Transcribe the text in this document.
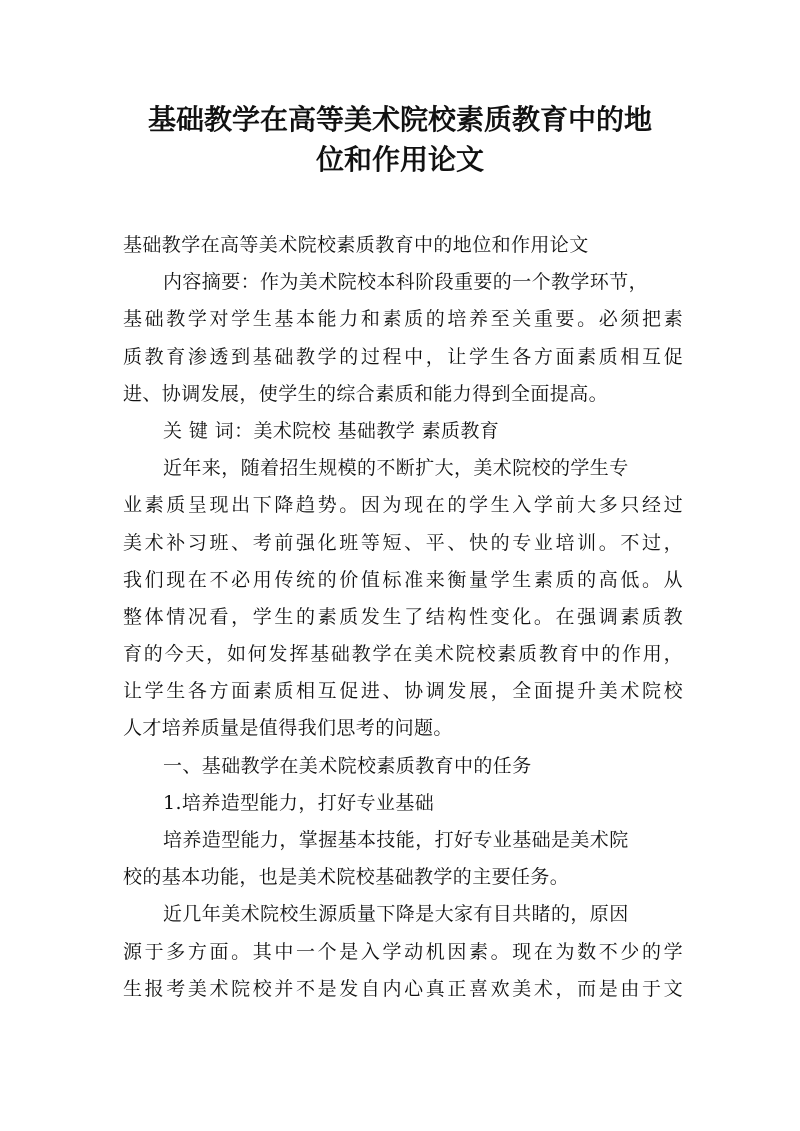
基础教学在高等美术院校素质教育中的地
位和作用论文
基础教学在高等美术院校素质教育中的地位和作用论文
内容摘要：作为美术院校本科阶段重要的一个教学环节，
基础教学对学生基本能力和素质的培养至关重要。必须把素
质教育渗透到基础教学的过程中，让学生各方面素质相互促
进、协调发展，使学生的综合素质和能力得到全面提高。
关 键 词：美术院校 基础教学 素质教育
近年来，随着招生规模的不断扩大，美术院校的学生专
业素质呈现出下降趋势。因为现在的学生入学前大多只经过
美术补习班、考前强化班等短、平、快的专业培训。不过，
我们现在不必用传统的价值标准来衡量学生素质的高低。从
整体情况看，学生的素质发生了结构性变化。在强调素质教
育的今天，如何发挥基础教学在美术院校素质教育中的作用，
让学生各方面素质相互促进、协调发展，全面提升美术院校
人才培养质量是值得我们思考的问题。
一、基础教学在美术院校素质教育中的任务
1.培养造型能力，打好专业基础
培养造型能力，掌握基本技能，打好专业基础是美术院
校的基本功能，也是美术院校基础教学的主要任务。
近几年美术院校生源质量下降是大家有目共睹的，原因
源于多方面。其中一个是入学动机因素。现在为数不少的学
生报考美术院校并不是发自内心真正喜欢美术，而是由于文
